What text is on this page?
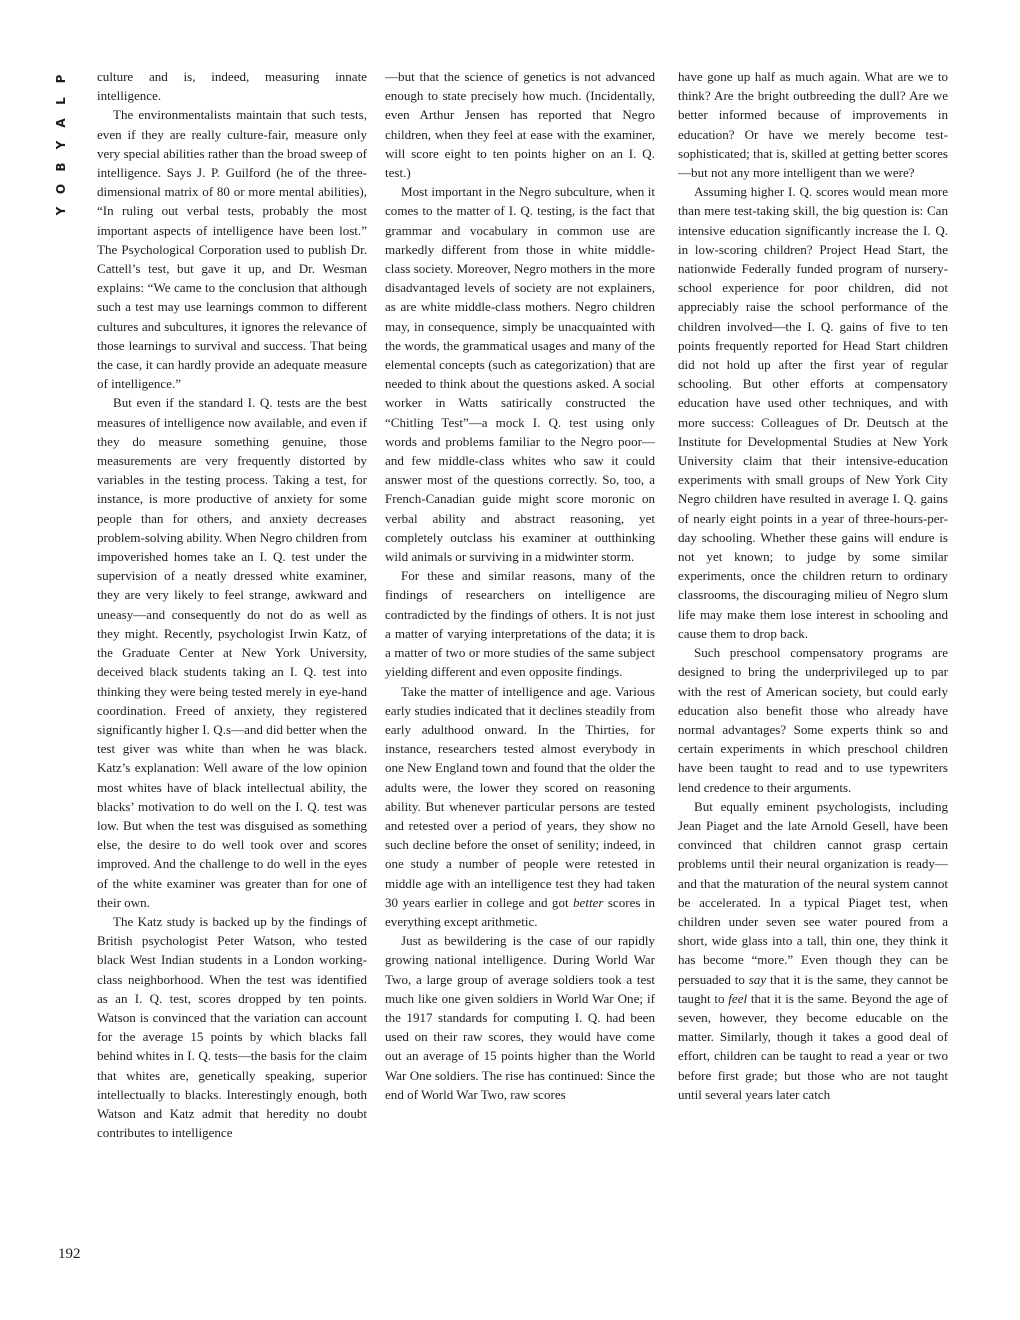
P
L
A
Y
B
O
Y

culture and is, indeed, measuring innate intelligence.

The environmentalists maintain that such tests, even if they are really culture-fair, measure only very special abilities rather than the broad sweep of intelligence. Says J. P. Guilford (he of the three-dimensional matrix of 80 or more mental abilities), “In ruling out verbal tests, probably the most important aspects of intelligence have been lost.” The Psychological Corporation used to publish Dr. Cattell’s test, but gave it up, and Dr. Wesman explains: “We came to the conclusion that although such a test may use learnings common to different cultures and subcultures, it ignores the relevance of those learnings to survival and success. That being the case, it can hardly provide an adequate measure of intelligence.”

But even if the standard I. Q. tests are the best measures of intelligence now available, and even if they do measure something genuine, those measurements are very frequently distorted by variables in the testing process. Taking a test, for instance, is more productive of anxiety for some people than for others, and anxiety decreases problem-solving ability. When Negro children from impoverished homes take an I. Q. test under the supervision of a neatly dressed white examiner, they are very likely to feel strange, awkward and uneasy—and consequently do not do as well as they might. Recently, psychologist Irwin Katz, of the Graduate Center at New York University, deceived black students taking an I. Q. test into thinking they were being tested merely in eye-hand coordination. Freed of anxiety, they registered significantly higher I. Q.s—and did better when the test giver was white than when he was black. Katz’s explanation: Well aware of the low opinion most whites have of black intellectual ability, the blacks’ motivation to do well on the I. Q. test was low. But when the test was disguised as something else, the desire to do well took over and scores improved. And the challenge to do well in the eyes of the white examiner was greater than for one of their own.

The Katz study is backed up by the findings of British psychologist Peter Watson, who tested black West Indian students in a London working-class neighborhood. When the test was identified as an I. Q. test, scores dropped by ten points. Watson is convinced that the variation can account for the average 15 points by which blacks fall behind whites in I. Q. tests—the basis for the claim that whites are, genetically speaking, superior intellectually to blacks. Interestingly enough, both Watson and Katz admit that heredity no doubt contributes to intelligence

—but that the science of genetics is not advanced enough to state precisely how much. (Incidentally, even Arthur Jensen has reported that Negro children, when they feel at ease with the examiner, will score eight to ten points higher on an I. Q. test.)

Most important in the Negro subculture, when it comes to the matter of I. Q. testing, is the fact that grammar and vocabulary in common use are markedly different from those in white middle-class society. Moreover, Negro mothers in the more disadvantaged levels of society are not explainers, as are white middle-class mothers. Negro children may, in consequence, simply be unacquainted with the words, the grammatical usages and many of the elemental concepts (such as categorization) that are needed to think about the questions asked. A social worker in Watts satirically constructed the “Chitling Test”—a mock I. Q. test using only words and problems familiar to the Negro poor—and few middle-class whites who saw it could answer most of the questions correctly. So, too, a French-Canadian guide might score moronic on verbal ability and abstract reasoning, yet completely outclass his examiner at outthinking wild animals or surviving in a midwinter storm.

For these and similar reasons, many of the findings of researchers on intelligence are contradicted by the findings of others. It is not just a matter of varying interpretations of the data; it is a matter of two or more studies of the same subject yielding different and even opposite findings.

Take the matter of intelligence and age. Various early studies indicated that it declines steadily from early adulthood onward. In the Thirties, for instance, researchers tested almost everybody in one New England town and found that the older the adults were, the lower they scored on reasoning ability. But whenever particular persons are tested and retested over a period of years, they show no such decline before the onset of senility; indeed, in one study a number of people were retested in middle age with an intelligence test they had taken 30 years earlier in college and got better scores in everything except arithmetic.

Just as bewildering is the case of our rapidly growing national intelligence. During World War Two, a large group of average soldiers took a test much like one given soldiers in World War One; if the 1917 standards for computing I. Q. had been used on their raw scores, they would have come out an average of 15 points higher than the World War One soldiers. The rise has continued: Since the end of World War Two, raw scores

have gone up half as much again. What are we to think? Are the bright outbreeding the dull? Are we better informed because of improvements in education? Or have we merely become test-sophisticated; that is, skilled at getting better scores—but not any more intelligent than we were?

Assuming higher I. Q. scores would mean more than mere test-taking skill, the big question is: Can intensive education significantly increase the I. Q. in low-scoring children? Project Head Start, the nationwide Federally funded program of nursery-school experience for poor children, did not appreciably raise the school performance of the children involved—the I. Q. gains of five to ten points frequently reported for Head Start children did not hold up after the first year of regular schooling. But other efforts at compensatory education have used other techniques, and with more success: Colleagues of Dr. Deutsch at the Institute for Developmental Studies at New York University claim that their intensive-education experiments with small groups of New York City Negro children have resulted in average I. Q. gains of nearly eight points in a year of three-hours-per-day schooling. Whether these gains will endure is not yet known; to judge by some similar experiments, once the children return to ordinary classrooms, the discouraging milieu of Negro slum life may make them lose interest in schooling and cause them to drop back.

Such preschool compensatory programs are designed to bring the underprivileged up to par with the rest of American society, but could early education also benefit those who already have normal advantages? Some experts think so and certain experiments in which preschool children have been taught to read and to use typewriters lend credence to their arguments.

But equally eminent psychologists, including Jean Piaget and the late Arnold Gesell, have been convinced that children cannot grasp certain problems until their neural organization is ready—and that the maturation of the neural system cannot be accelerated. In a typical Piaget test, when children under seven see water poured from a short, wide glass into a tall, thin one, they think it has become “more.” Even though they can be persuaded to say that it is the same, they cannot be taught to feel that it is the same. Beyond the age of seven, however, they become educable on the matter. Similarly, though it takes a good deal of effort, children can be taught to read a year or two before first grade; but those who are not taught until several years later catch

192
